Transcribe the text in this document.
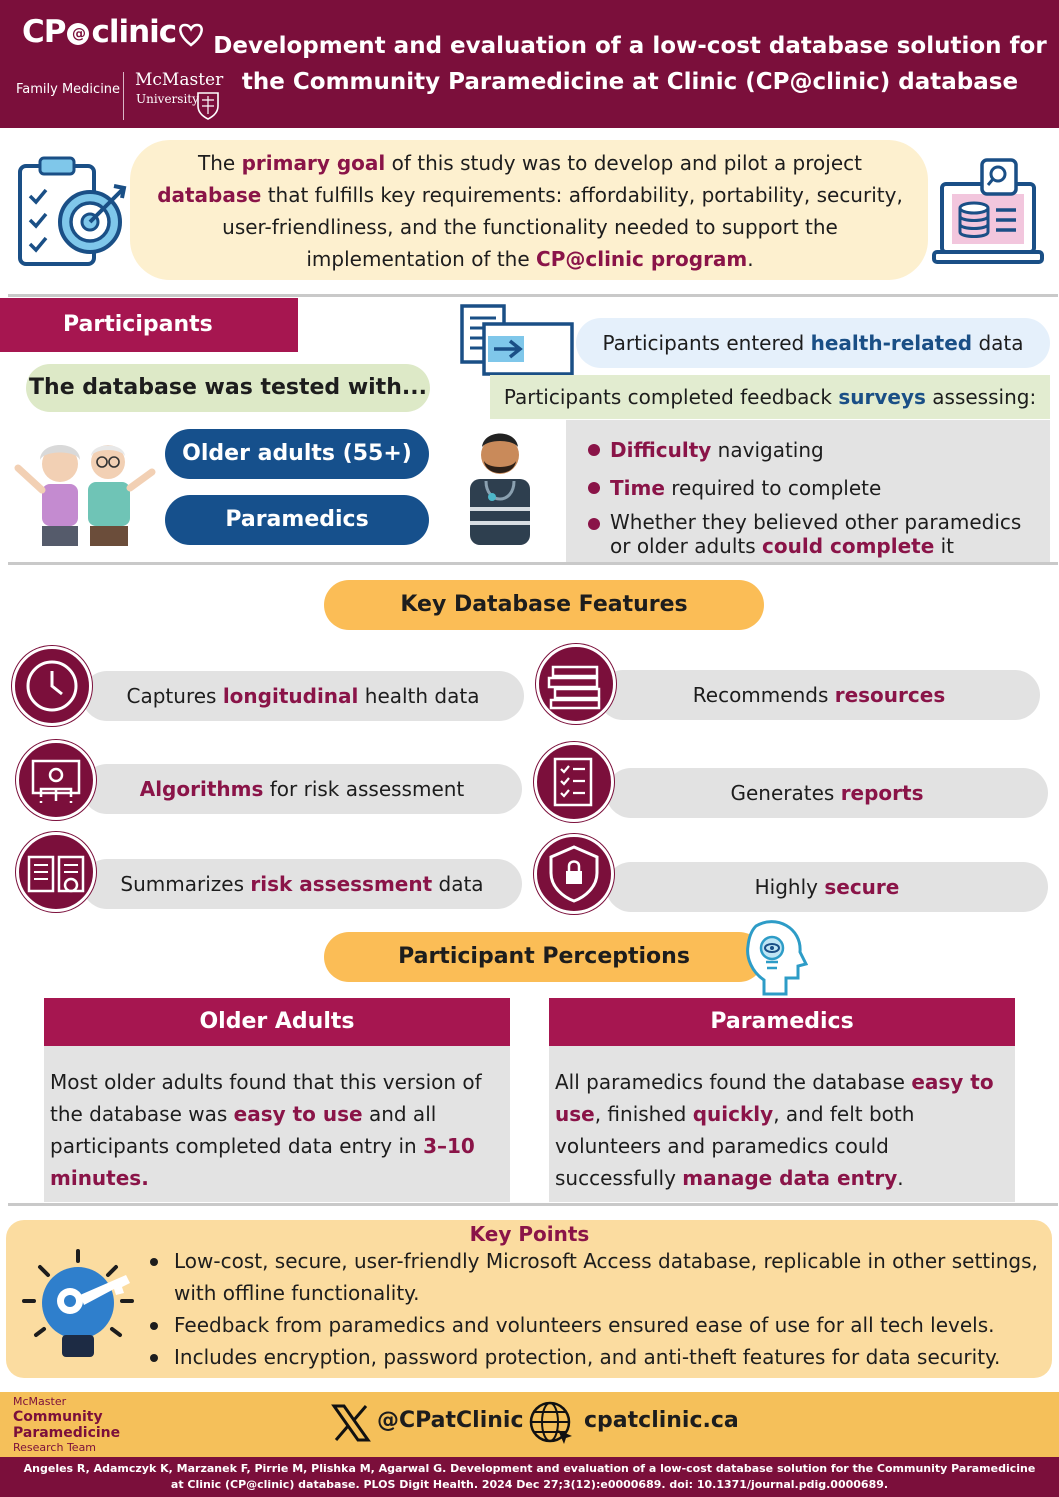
CP @ clinic
Family Medicine McMaster
University
Development and evaluation of a low-cost database solution for
the Community Paramedicine at Clinic (CP@clinic) database
The primary goal of this study was to develop and pilot a project database that fulfills key requirements: affordability, portability, security, user-friendliness, and the functionality needed to support the implementation of the CP@clinic program.
Participants
The database was tested with...
Older adults (55+)
Paramedics
Participants entered health-related data
Participants completed feedback surveys assessing:
Difficulty navigating
Time required to complete
Whether they believed other paramedics or older adults could complete it
Key Database Features
Captures longitudinal health data	Recommends resources
Algorithms for risk assessment	Generates reports
Summarizes risk assessment data	Highly secure
Participant Perceptions
Older Adults
Most older adults found that this version of the database was easy to use and all participants completed data entry in 3–10 minutes.
Paramedics
All paramedics found the database easy to use, finished quickly, and felt both volunteers and paramedics could successfully manage data entry.
Key Points
Low-cost, secure, user-friendly Microsoft Access database, replicable in other settings, with offline functionality.
Feedback from paramedics and volunteers ensured ease of use for all tech levels.
Includes encryption, password protection, and anti-theft features for data security.
McMaster
Community
Paramedicine
Research Team
@CPatClinic	cpatclinic.ca
Angeles R, Adamczyk K, Marzanek F, Pirrie M, Plishka M, Agarwal G. Development and evaluation of a low-cost database solution for the Community Paramedicine at Clinic (CP@clinic) database. PLOS Digit Health. 2024 Dec 27;3(12):e0000689. doi: 10.1371/journal.pdig.0000689.
